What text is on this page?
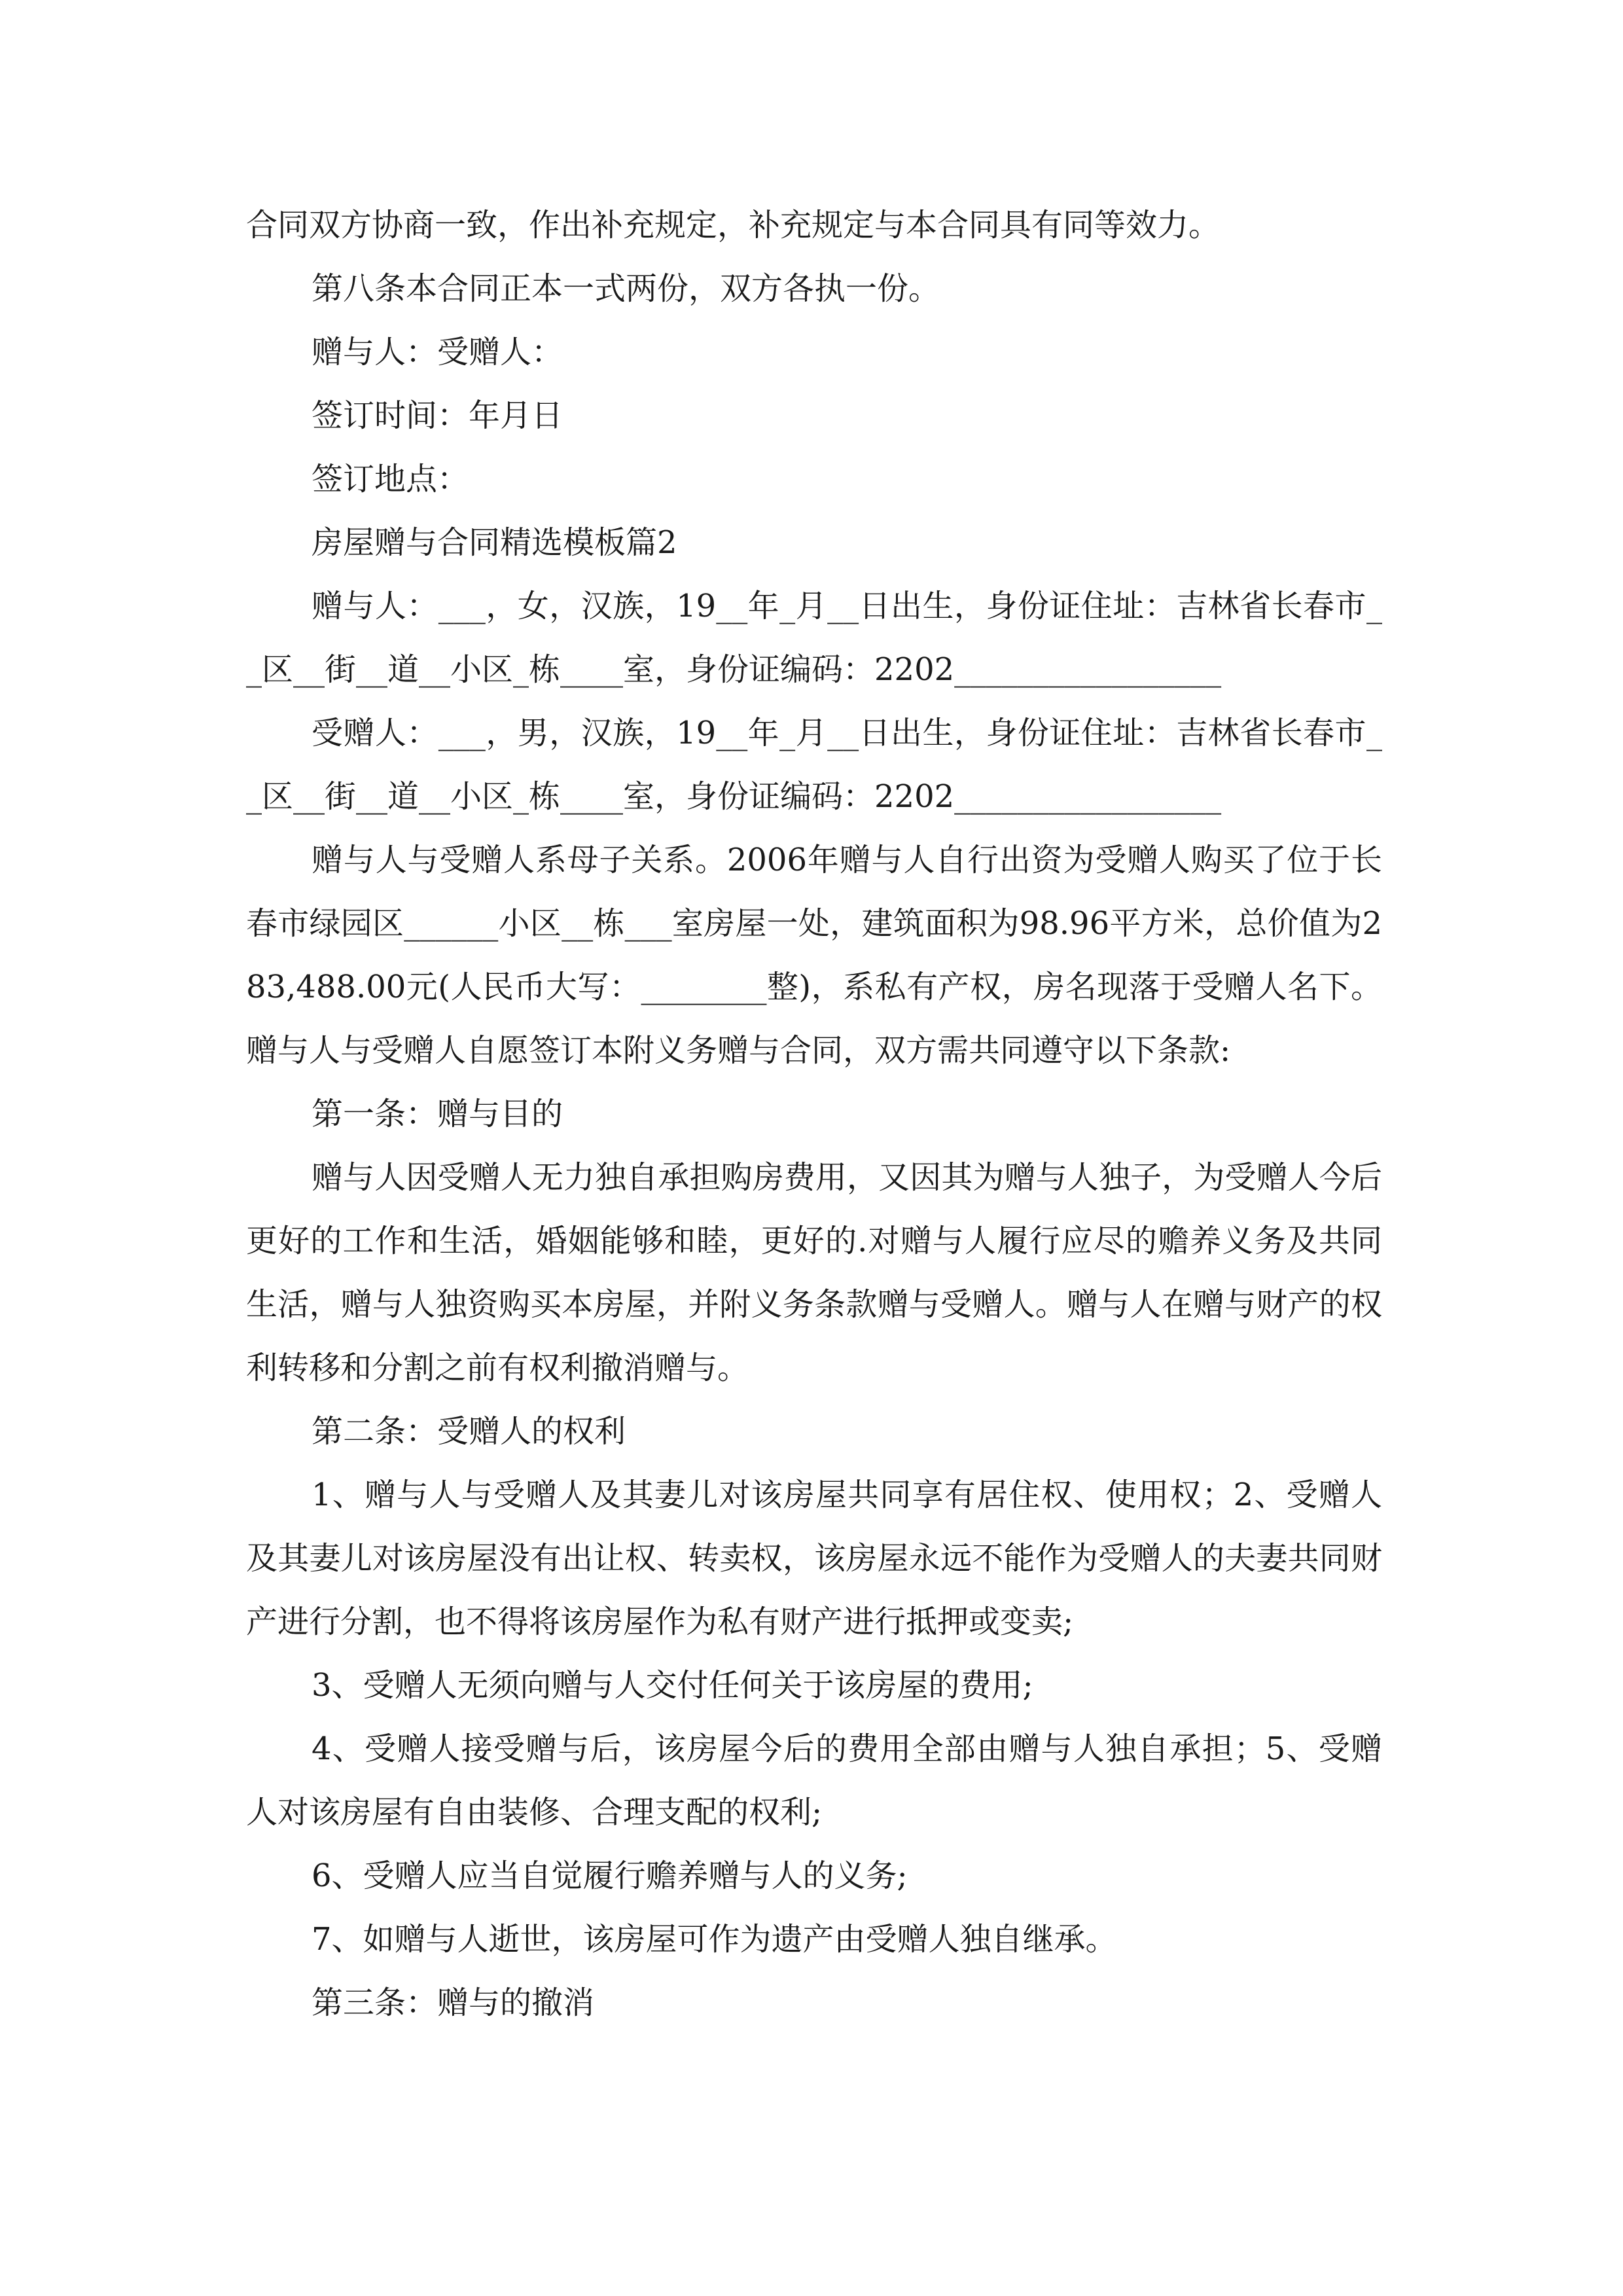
合同双方协商一致，作出补充规定，补充规定与本合同具有同等效力。

第八条本合同正本一式两份，双方各执一份。

赠与人：受赠人：

签订时间：年月日

签订地点：

房屋赠与合同精选模板篇2

赠与人：___，女，汉族，19__年_月__日出生，身份证住址：吉林省长春市__区__街__道__小区_栋____室，身份证编码：2202_________________

受赠人：___，男，汉族，19__年_月__日出生，身份证住址：吉林省长春市__区__街__道__小区_栋____室，身份证编码：2202_________________

赠与人与受赠人系母子关系。2006年赠与人自行出资为受赠人购买了位于长春市绿园区______小区__栋___室房屋一处，建筑面积为98.96平方米，总价值为283,488.00元(人民币大写：________整)，系私有产权，房名现落于受赠人名下。赠与人与受赠人自愿签订本附义务赠与合同，双方需共同遵守以下条款:

第一条：赠与目的

赠与人因受赠人无力独自承担购房费用，又因其为赠与人独子，为受赠人今后更好的工作和生活，婚姻能够和睦，更好的.对赠与人履行应尽的赡养义务及共同生活，赠与人独资购买本房屋，并附义务条款赠与受赠人。赠与人在赠与财产的权利转移和分割之前有权利撤消赠与。

第二条：受赠人的权利

1、赠与人与受赠人及其妻儿对该房屋共同享有居住权、使用权；2、受赠人及其妻儿对该房屋没有出让权、转卖权，该房屋永远不能作为受赠人的夫妻共同财产进行分割，也不得将该房屋作为私有财产进行抵押或变卖;

3、受赠人无须向赠与人交付任何关于该房屋的费用;

4、受赠人接受赠与后，该房屋今后的费用全部由赠与人独自承担；5、受赠人对该房屋有自由装修、合理支配的权利;

6、受赠人应当自觉履行赡养赠与人的义务;

7、如赠与人逝世，该房屋可作为遗产由受赠人独自继承。

第三条：赠与的撤消
